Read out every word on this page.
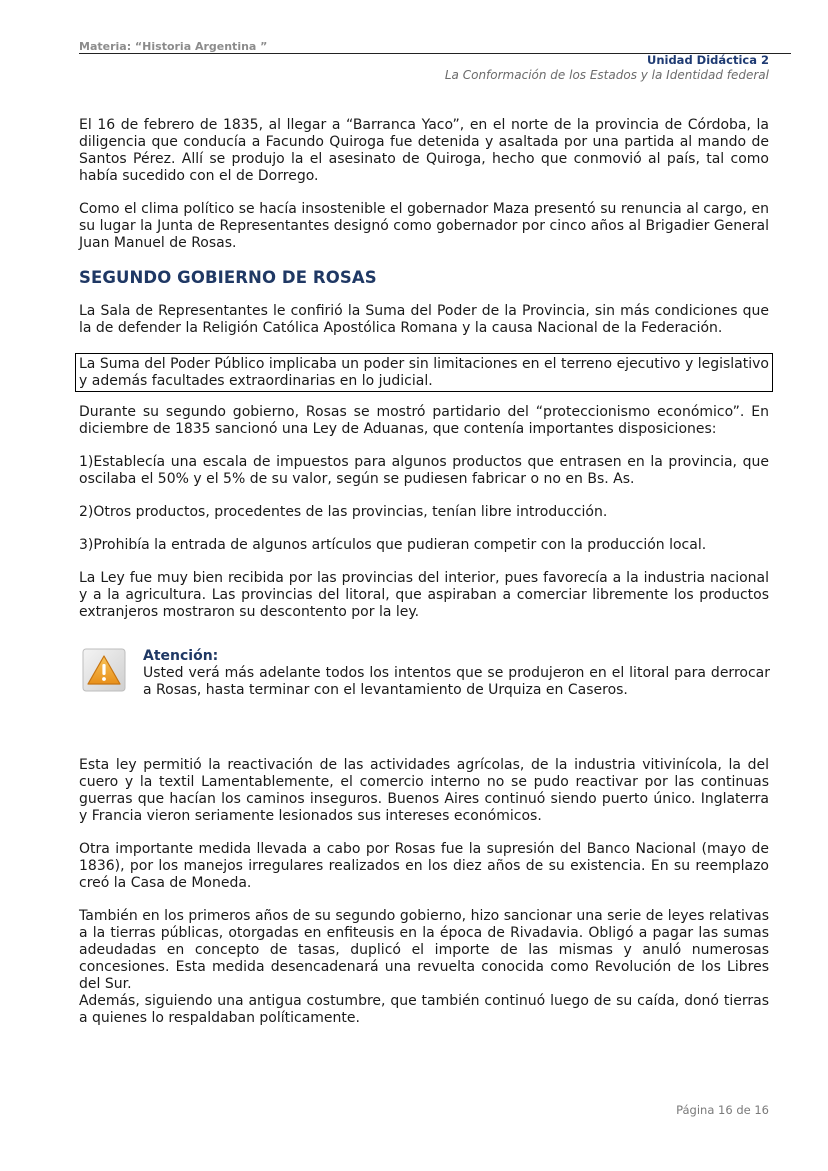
Materia: “Historia Argentina ”
Unidad Didáctica 2
La Conformación de los Estados y la Identidad federal

El 16 de febrero de 1835, al llegar a “Barranca Yaco”, en el norte de la provincia de Córdoba, la diligencia que conducía a Facundo Quiroga fue detenida y asaltada por una partida al mando de Santos Pérez. Allí se produjo la el asesinato de Quiroga, hecho que conmovió al país, tal como había sucedido con el de Dorrego.

Como el clima político se hacía insostenible el gobernador Maza presentó su renuncia al cargo, en su lugar la Junta de Representantes designó como gobernador por cinco años al Brigadier General Juan Manuel de Rosas.

SEGUNDO GOBIERNO DE ROSAS

La Sala de Representantes le confirió la Suma del Poder de la Provincia, sin más condiciones que la de defender la Religión Católica Apostólica Romana y la causa Nacional de la Federación.

La Suma del Poder Público implicaba un poder sin limitaciones en el terreno ejecutivo y legislativo y además facultades extraordinarias en lo judicial.

Durante su segundo gobierno, Rosas se mostró partidario del “proteccionismo económico”. En diciembre de 1835 sancionó una Ley de Aduanas, que contenía importantes disposiciones:

1)Establecía una escala de impuestos para algunos productos que entrasen en la provincia, que oscilaba el 50% y el 5% de su valor, según se pudiesen fabricar o no en Bs. As.

2)Otros productos, procedentes de las provincias, tenían libre introducción.

3)Prohibía la entrada de algunos artículos que pudieran competir con la producción local.

La Ley fue muy bien recibida por las provincias del interior, pues favorecía a la industria nacional y a la agricultura. Las provincias del litoral, que aspiraban a comerciar libremente los productos extranjeros mostraron su descontento por la ley.

Atención:
Usted verá más adelante todos los intentos que se produjeron en el litoral para derrocar a Rosas, hasta terminar con el levantamiento de Urquiza en Caseros.

Esta ley permitió la reactivación de las actividades agrícolas, de la industria vitivinícola, la del cuero y la textil Lamentablemente, el comercio interno no se pudo reactivar por las continuas guerras que hacían los caminos inseguros. Buenos Aires continuó siendo puerto único. Inglaterra y Francia vieron seriamente lesionados sus intereses económicos.

Otra importante medida llevada a cabo por Rosas fue la supresión del Banco Nacional (mayo de 1836), por los manejos irregulares realizados en los diez años de su existencia. En su reemplazo creó la Casa de Moneda.

También en los primeros años de su segundo gobierno, hizo sancionar una serie de leyes relativas a la tierras públicas, otorgadas en enfiteusis en la época de Rivadavia. Obligó a pagar las sumas adeudadas en concepto de tasas, duplicó el importe de las mismas y anuló numerosas concesiones. Esta medida desencadenará una revuelta conocida como Revolución de los Libres del Sur.

Además, siguiendo una antigua costumbre, que también continuó luego de su caída, donó tierras a quienes lo respaldaban políticamente.

Página 16 de 16
